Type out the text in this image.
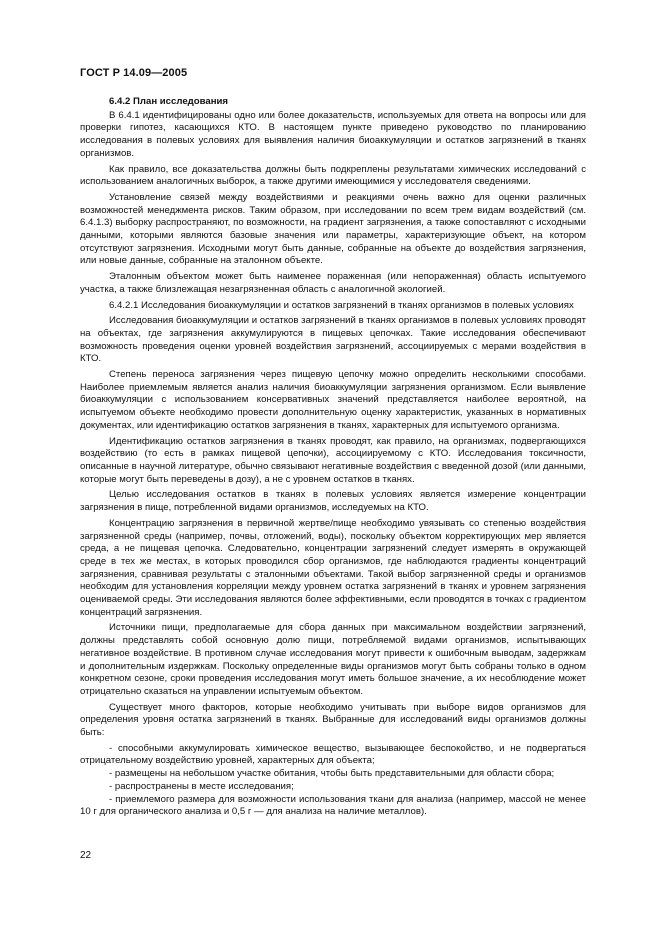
ГОСТ Р 14.09—2005

6.4.2 План исследования

В 6.4.1 идентифицированы одно или более доказательств, используемых для ответа на вопросы или для проверки гипотез, касающихся КТО. В настоящем пункте приведено руководство по планированию исследования в полевых условиях для выявления наличия биоаккумуляции и остатков загрязнений в тканях организмов.

Как правило, все доказательства должны быть подкреплены результатами химических исследований с использованием аналогичных выборок, а также другими имеющимися у исследователя сведениями.

Установление связей между воздействиями и реакциями очень важно для оценки различных возможностей менеджмента рисков. Таким образом, при исследовании по всем трем видам воздействий (см. 6.4.1.3) выборку распространяют, по возможности, на градиент загрязнения, а также сопоставляют с исходными данными, которыми являются базовые значения или параметры, характеризующие объект, на котором отсутствуют загрязнения. Исходными могут быть данные, собранные на объекте до воздействия загрязнения, или новые данные, собранные на эталонном объекте.

Эталонным объектом может быть наименее пораженная (или непораженная) область испытуемого участка, а также близлежащая незагрязненная область с аналогичной экологией.

6.4.2.1 Исследования биоаккумуляции и остатков загрязнений в тканях организмов в полевых условиях

Исследования биоаккумуляции и остатков загрязнений в тканях организмов в полевых условиях проводят на объектах, где загрязнения аккумулируются в пищевых цепочках. Такие исследования обеспечивают возможность проведения оценки уровней воздействия загрязнений, ассоциируемых с мерами воздействия в КТО.

Степень переноса загрязнения через пищевую цепочку можно определить несколькими способами. Наиболее приемлемым является анализ наличия биоаккумуляции загрязнения организмом. Если выявление биоаккумуляции с использованием консервативных значений представляется наиболее вероятной, на испытуемом объекте необходимо провести дополнительную оценку характеристик, указанных в нормативных документах, или идентификацию остатков загрязнения в тканях, характерных для испытуемого организма.

Идентификацию остатков загрязнения в тканях проводят, как правило, на организмах, подвергающихся воздействию (то есть в рамках пищевой цепочки), ассоциируемому с КТО. Исследования токсичности, описанные в научной литературе, обычно связывают негативные воздействия с введенной дозой (или данными, которые могут быть переведены в дозу), а не с уровнем остатков в тканях.

Целью исследования остатков в тканях в полевых условиях является измерение концентрации загрязнения в пище, потребленной видами организмов, исследуемых на КТО.

Концентрацию загрязнения в первичной жертве/пище необходимо увязывать со степенью воздействия загрязненной среды (например, почвы, отложений, воды), поскольку объектом корректирующих мер является среда, а не пищевая цепочка. Следовательно, концентрации загрязнений следует измерять в окружающей среде в тех же местах, в которых проводился сбор организмов, где наблюдаются градиенты концентраций загрязнения, сравнивая результаты с эталонными объектами. Такой выбор загрязненной среды и организмов необходим для установления корреляции между уровнем остатка загрязнений в тканях и уровнем загрязнения оцениваемой среды. Эти исследования являются более эффективными, если проводятся в точках с градиентом концентраций загрязнения.

Источники пищи, предполагаемые для сбора данных при максимальном воздействии загрязнений, должны представлять собой основную долю пищи, потребляемой видами организмов, испытывающих негативное воздействие. В противном случае исследования могут привести к ошибочным выводам, задержкам и дополнительным издержкам. Поскольку определенные виды организмов могут быть собраны только в одном конкретном сезоне, сроки проведения исследования могут иметь большое значение, а их несоблюдение может отрицательно сказаться на управлении испытуемым объектом.

Существует много факторов, которые необходимо учитывать при выборе видов организмов для определения уровня остатка загрязнений в тканях. Выбранные для исследований виды организмов должны быть:

- способными аккумулировать химическое вещество, вызывающее беспокойство, и не подвергаться отрицательному воздействию уровней, характерных для объекта;

- размещены на небольшом участке обитания, чтобы быть представительными для области сбора;

- распространены в месте исследования;

- приемлемого размера для возможности использования ткани для анализа (например, массой не менее 10 г для органического анализа и 0,5 г — для анализа на наличие металлов).

22
